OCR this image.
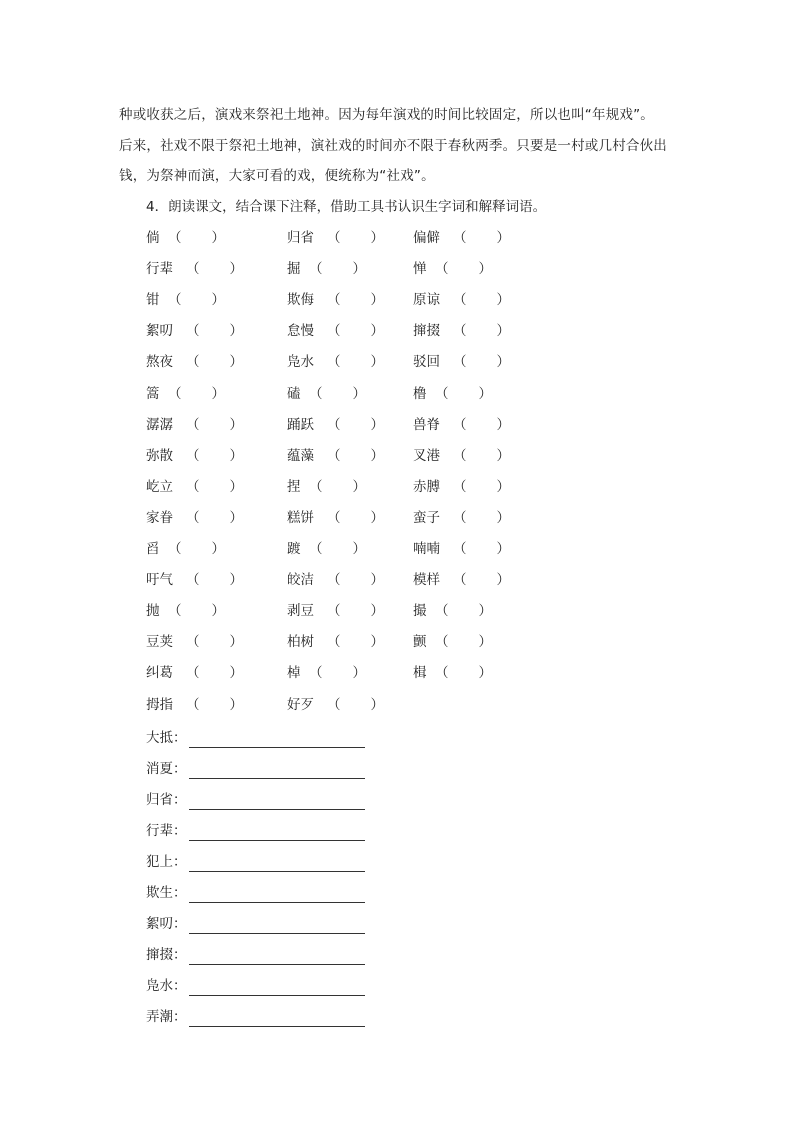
种或收获之后，演戏来祭祀土地神。因为每年演戏的时间比较固定，所以也叫“年规戏”。
后来，社戏不限于祭祀土地神，演社戏的时间亦不限于春秋两季。只要是一村或几村合伙出
钱，为祭神而演，大家可看的戏，便统称为“社戏”。
4．朗读课文，结合课下注释，借助工具书认识生字词和解释词语。
倘 （ ）	归省 （ ） 偏僻 （ ）
行辈 （ ）	掘 （ ）	惮 （ ）
钳 （ ）	欺侮 （ ） 原谅 （ ）
絮叨 （ ）	怠慢 （ ） 撺掇 （ ）
熬夜 （ ）	凫水 （ ） 驳回 （ ）
篙 （ ）	磕 （ ）	橹 （ ）
潺潺 （ ）	踊跃 （ ） 兽脊 （ ）
弥散 （ ）	蕴藻 （ ） 叉港 （ ）
屹立 （ ）	捏 （ ）	赤膊 （ ）
家眷 （ ）	糕饼 （ ） 蛮子 （ ）
舀 （ ）	踱 （ ）	喃喃 （ ）
吁气 （ ）	皎洁 （ ） 模样 （ ）
抛 （ ）	剥豆 （ ） 撮 （ ）
豆荚 （ ）	柏树 （ ） 颤 （ ）
纠葛 （ ）	棹 （ ）	楫 （ ）
拇指 （ ）	好歹 （ ）
大抵：
消夏：
归省：
行辈：
犯上：
欺生：
絮叨：
撺掇：
凫水：
弄潮：
